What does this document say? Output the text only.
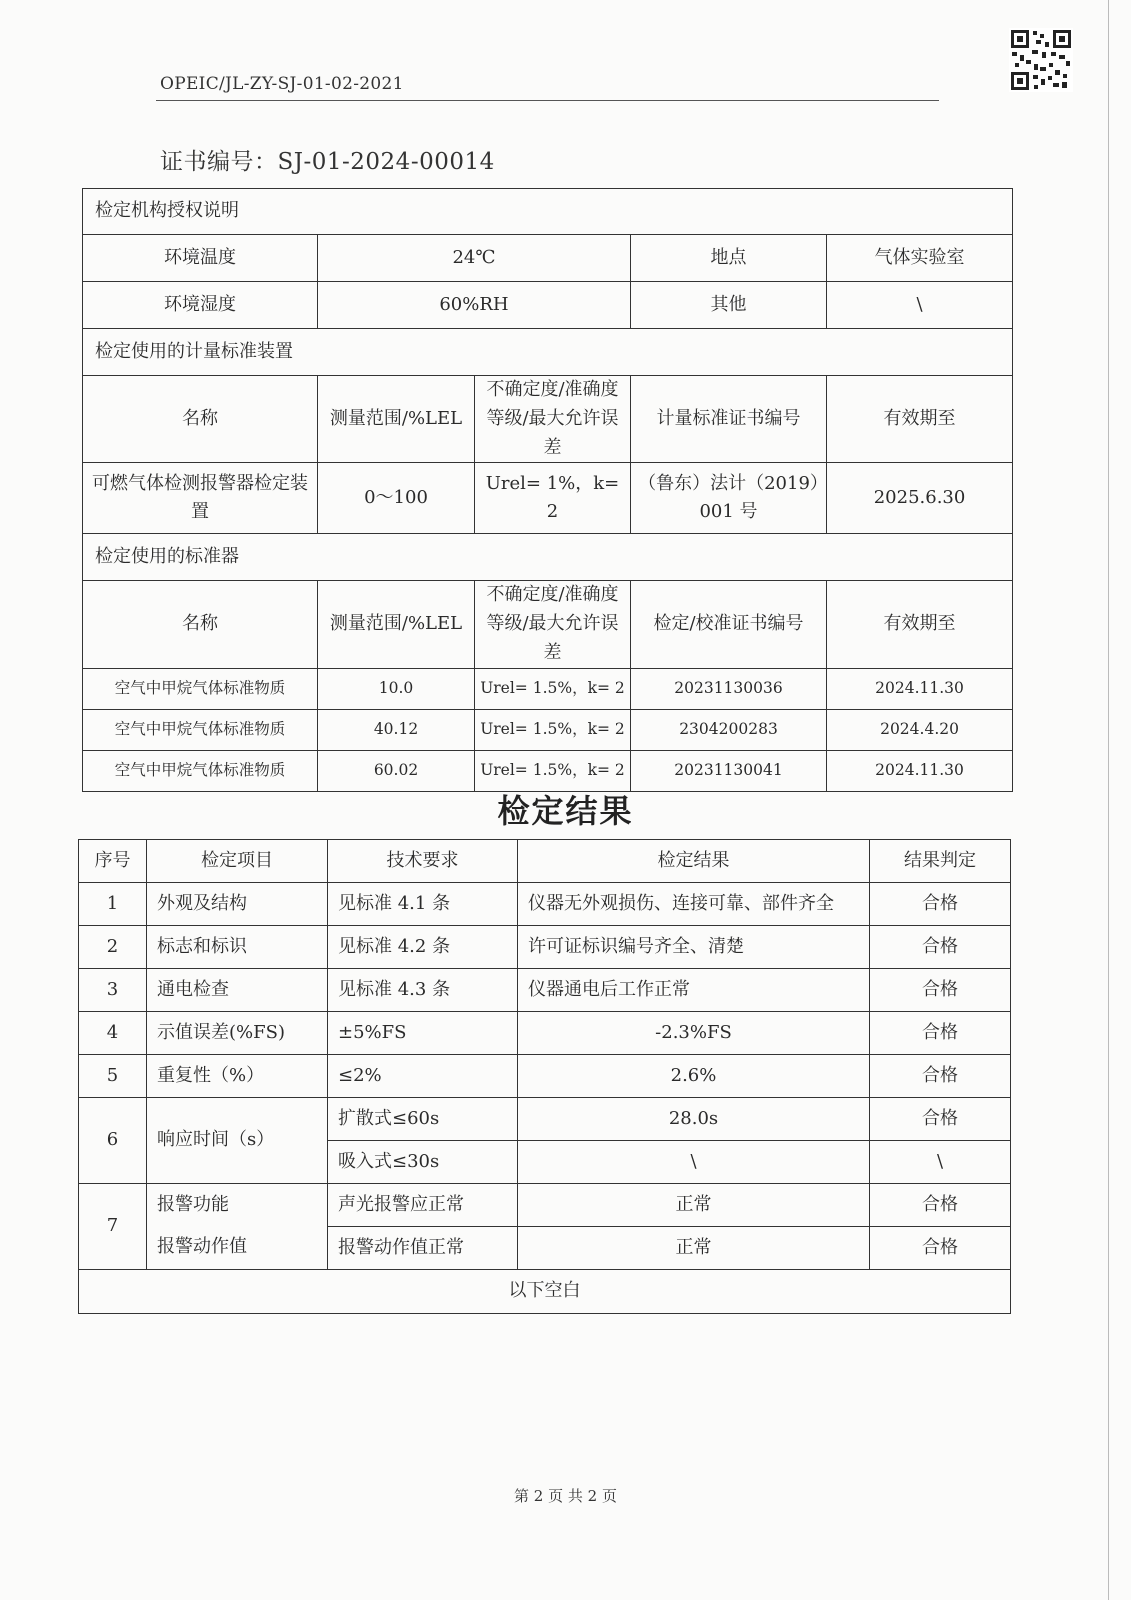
OPEIC/JL-ZY-SJ-01-02-2021
证书编号：SJ-01-2024-00014
检定机构授权说明				
环境温度	24℃		地点	气体实验室
环境湿度	60%RH		其他	\
检定使用的计量标准装置				
名称	测量范围/%LEL	不确定度/准确度等级/最大允许误差	计量标准证书编号	有效期至
可燃气体检测报警器检定装置	0～100	Urel= 1%，k= 2	（鲁东）法计（2019）001 号	2025.6.30
检定使用的标准器				
名称	测量范围/%LEL	不确定度/准确度等级/最大允许误差	检定/校准证书编号	有效期至
空气中甲烷气体标准物质	10.0	Urel= 1.5%，k= 2	20231130036	2024.11.30
空气中甲烷气体标准物质	40.12	Urel= 1.5%，k= 2	2304200283	2024.4.20
空气中甲烷气体标准物质	60.02	Urel= 1.5%，k= 2	20231130041	2024.11.30
检定结果
序号	检定项目	技术要求	检定结果	结果判定
1	外观及结构	见标准 4.1 条	仪器无外观损伤、连接可靠、部件齐全	合格
2	标志和标识	见标准 4.2 条	许可证标识编号齐全、清楚	合格
3	通电检查	见标准 4.3 条	仪器通电后工作正常	合格
4	示值误差(%FS)	±5%FS	-2.3%FS	合格
5	重复性（%）	≤2%	2.6%	合格
6	响应时间（s）	扩散式≤60s	28.0s	合格
		吸入式≤30s	\	\
7	报警功能	声光报警应正常	正常	合格
	报警动作值	报警动作值正常	正常	合格
以下空白				
第 2 页 共 2 页
